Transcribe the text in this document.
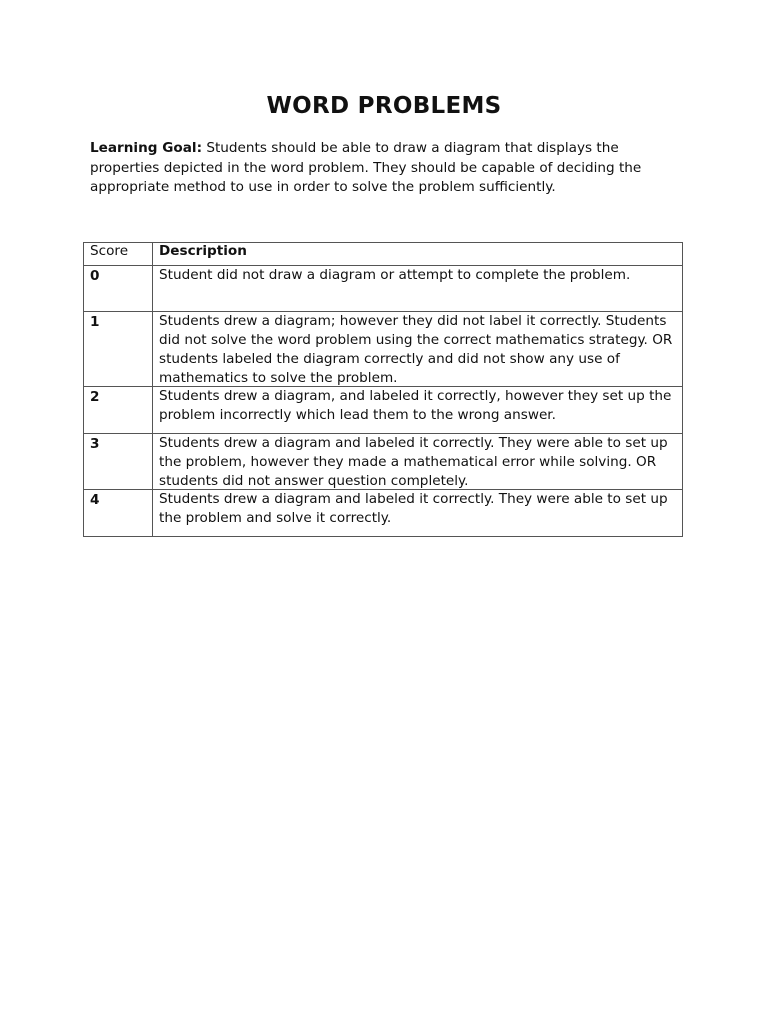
WORD PROBLEMS

Learning Goal: Students should be able to draw a diagram that displays the properties depicted in the word problem. They should be capable of deciding the appropriate method to use in order to solve the problem sufficiently.

Score	Description
0	Student did not draw a diagram or attempt to complete the problem.

1	Students drew a diagram; however they did not label it correctly. Students did not solve the word problem using the correct mathematics strategy. OR students labeled the diagram correctly and did not show any use of mathematics to solve the problem.

2	Students drew a diagram, and labeled it correctly, however they set up the problem incorrectly which lead them to the wrong answer.

3	Students drew a diagram and labeled it correctly. They were able to set up the problem, however they made a mathematical error while solving. OR students did not answer question completely.

4	Students drew a diagram and labeled it correctly. They were able to set up the problem and solve it correctly.
